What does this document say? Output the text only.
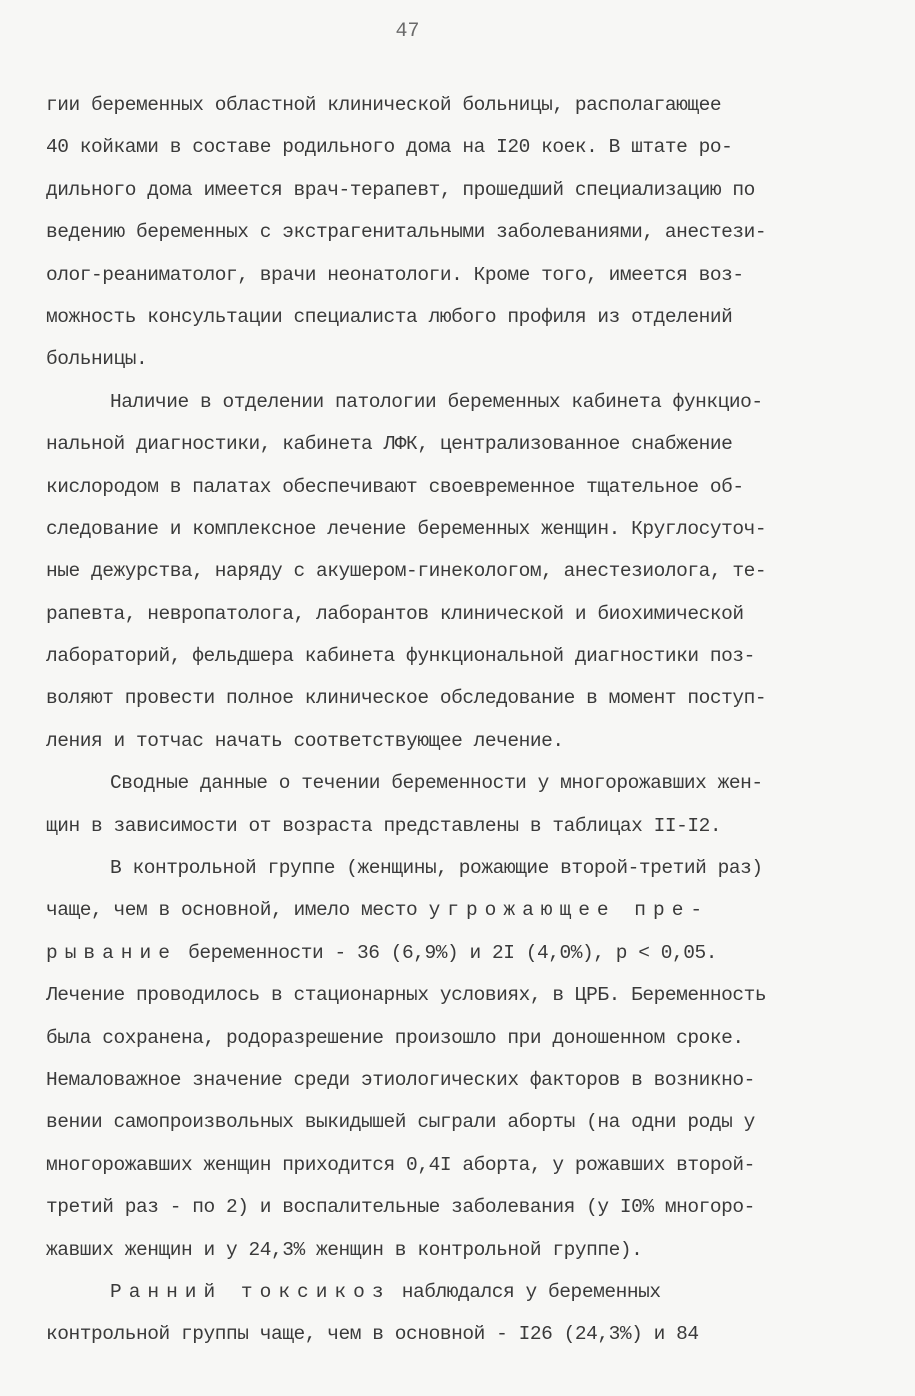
47
гии беременных областной клинической больницы, располагающее
40 койками в составе родильного дома на I20 коек. В штате ро-
дильного дома имеется врач-терапевт, прошедший специализацию по
ведению беременных с экстрагенитальными заболеваниями, анестези-
олог-реаниматолог, врачи неонатологи. Кроме того, имеется воз-
можность консультации специалиста любого профиля из отделений
больницы.
Наличие в отделении патологии беременных кабинета функцио-
нальной диагностики, кабинета ЛФК, централизованное снабжение
кислородом в палатах обеспечивают своевременное тщательное об-
следование и комплексное лечение беременных женщин. Круглосуточ-
ные дежурства, наряду с акушером-гинекологом, анестезиолога, те-
рапевта, невропатолога, лаборантов клинической и биохимической
лабораторий, фельдшера кабинета функциональной диагностики поз-
воляют провести полное клиническое обследование в момент поступ-
ления и тотчас начать соответствующее лечение.
Сводные данные о течении беременности у многорожавших жен-
щин в зависимости от возраста представлены в таблицах II-I2.
В контрольной группе (женщины, рожающие второй-третий раз)
чаще, чем в основной, имело место угрожающее пре-
рывание беременности - 36 (6,9%) и 2I (4,0%), p < 0,05.
Лечение проводилось в стационарных условиях, в ЦРБ. Беременность
была сохранена, родоразрешение произошло при доношенном сроке.
Немаловажное значение среди этиологических факторов в возникно-
вении самопроизвольных выкидышей сыграли аборты (на одни роды у
многорожавших женщин приходится 0,4I аборта, у рожавших второй-
третий раз - по 2) и воспалительные заболевания (у I0% многоро-
жавших женщин и у 24,3% женщин в контрольной группе).
Ранний токсикоз наблюдался у беременных
контрольной группы чаще, чем в основной - I26 (24,3%) и 84
